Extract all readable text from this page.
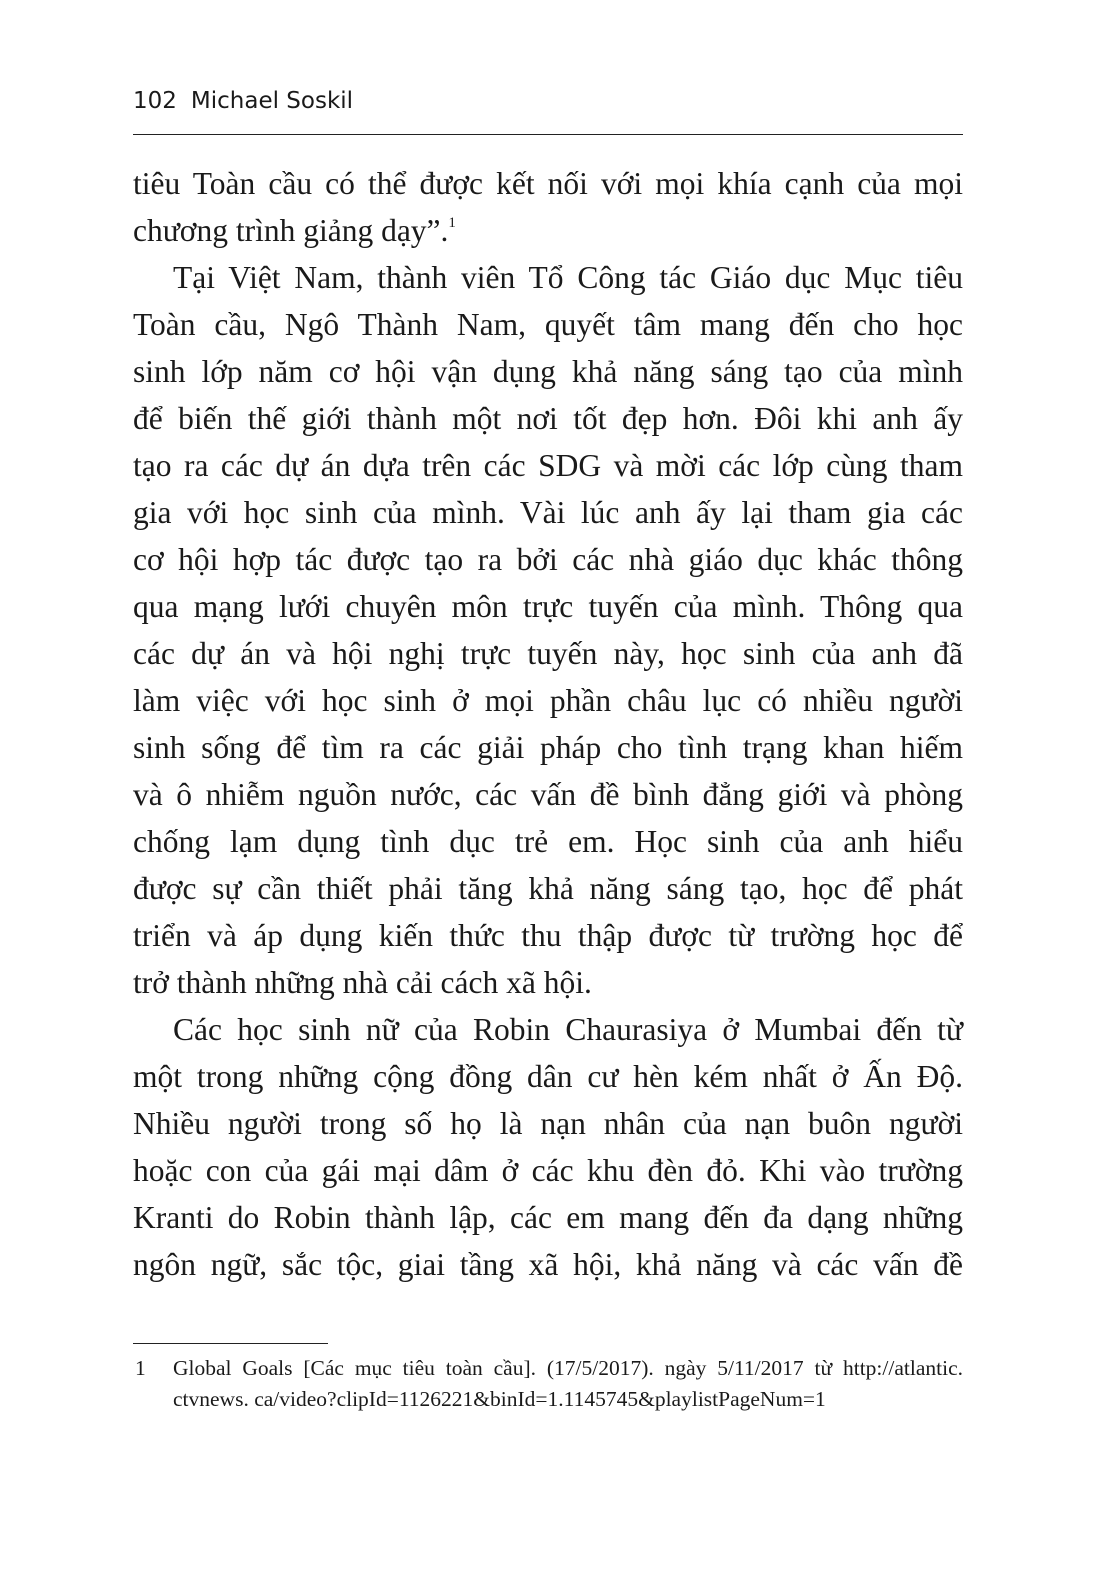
102 Michael Soskil
tiêu Toàn cầu có thể được kết nối với mọi khía cạnh của mọi
chương trình giảng dạy”.$^1$
Tại Việt Nam, thành viên Tổ Công tác Giáo dục Mục tiêu
Toàn cầu, Ngô Thành Nam, quyết tâm mang đến cho học
sinh lớp năm cơ hội vận dụng khả năng sáng tạo của mình
để biến thế giới thành một nơi tốt đẹp hơn. Đôi khi anh ấy
tạo ra các dự án dựa trên các SDG và mời các lớp cùng tham
gia với học sinh của mình. Vài lúc anh ấy lại tham gia các
cơ hội hợp tác được tạo ra bởi các nhà giáo dục khác thông
qua mạng lưới chuyên môn trực tuyến của mình. Thông qua
các dự án và hội nghị trực tuyến này, học sinh của anh đã
làm việc với học sinh ở mọi phần châu lục có nhiều người
sinh sống để tìm ra các giải pháp cho tình trạng khan hiếm
và ô nhiễm nguồn nước, các vấn đề bình đẳng giới và phòng
chống lạm dụng tình dục trẻ em. Học sinh của anh hiểu
được sự cần thiết phải tăng khả năng sáng tạo, học để phát
triển và áp dụng kiến thức thu thập được từ trường học để
trở thành những nhà cải cách xã hội.
Các học sinh nữ của Robin Chaurasiya ở Mumbai đến từ
một trong những cộng đồng dân cư hèn kém nhất ở Ấn Độ.
Nhiều người trong số họ là nạn nhân của nạn buôn người
hoặc con của gái mại dâm ở các khu đèn đỏ. Khi vào trường
Kranti do Robin thành lập, các em mang đến đa dạng những
ngôn ngữ, sắc tộc, giai tầng xã hội, khả năng và các vấn đề
1 Global Goals [Các mục tiêu toàn cầu]. (17/5/2017). ngày 5/11/2017 từ http://atlantic.
ctvnews. ca/video?clipId=1126221&binId=1.1145745&playlistPageNum=1
